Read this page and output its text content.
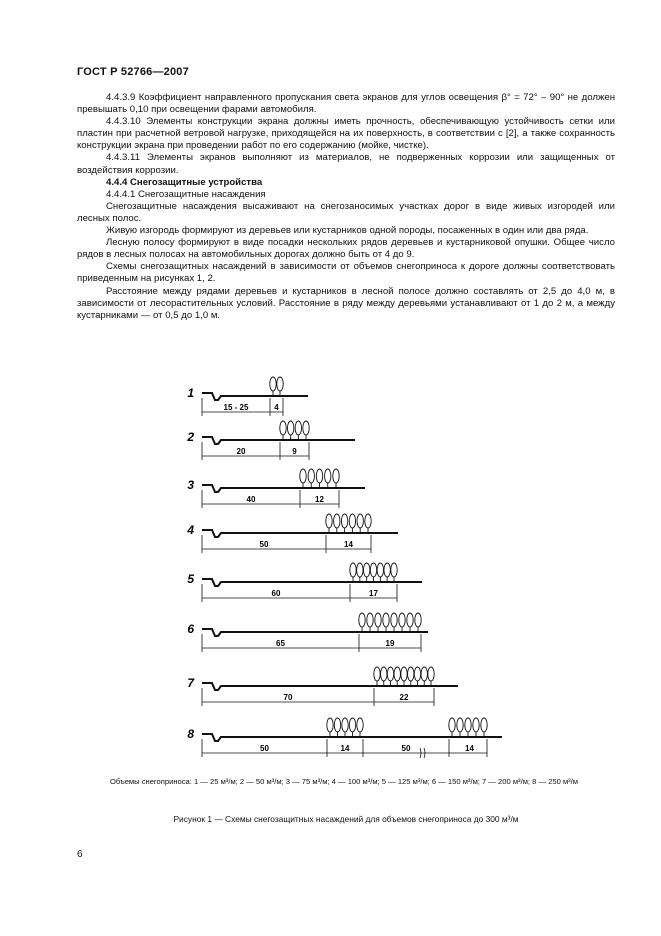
ГОСТ Р 52766—2007

4.4.3.9 Коэффициент направленного пропускания света экранов для углов освещения β° = 72° – 90° не должен превышать 0,10 при освещении фарами автомобиля.

4.4.3.10 Элементы конструкции экрана должны иметь прочность, обеспечивающую устойчивость сетки или пластин при расчетной ветровой нагрузке, приходящейся на их поверхность, в соответствии с [2], а также сохранность конструкции экрана при проведении работ по его содержанию (мойке, чистке).

4.4.3.11 Элементы экранов выполняют из материалов, не подверженных коррозии или защищенных от воздействия коррозии.

4.4.4 Снегозащитные устройства

4.4.4.1 Снегозащитные насаждения

Снегозащитные насаждения высаживают на снегозаносимых участках дорог в виде живых изгородей или лесных полос.

Живую изгородь формируют из деревьев или кустарников одной породы, посаженных в один или два ряда.

Лесную полосу формируют в виде посадки нескольких рядов деревьев и кустарниковой опушки. Общее число рядов в лесных полосах на автомобильных дорогах должно быть от 4 до 9.

Схемы снегозащитных насаждений в зависимости от объемов снегоприноса к дороге должны соответствовать приведенным на рисунках 1, 2.

Расстояние между рядами деревьев и кустарников в лесной полосе должно составлять от 2,5 до 4,0 м, в зависимости от лесорастительных условий. Расстояние в ряду между деревьями устанавливают от 1 до 2 м, а между кустарниками — от 0,5 до 1,0 м.

15 - 25	4
1
20	9
2
40	12
3
50	14
4
60	17
5
65	19
6
70	22
7
50	14	50	14
8
Объемы снегоприноса: 1 — 25 м³/м; 2 — 50 м³/м; 3 — 75 м³/м; 4 — 100 м³/м; 5 — 125 м³/м; 6 — 150 м³/м; 7 — 200 м³/м; 8 — 250 м³/м
Рисунок 1 — Схемы снегозащитных насаждений для объемов снегоприноса до 300 м³/м
6
